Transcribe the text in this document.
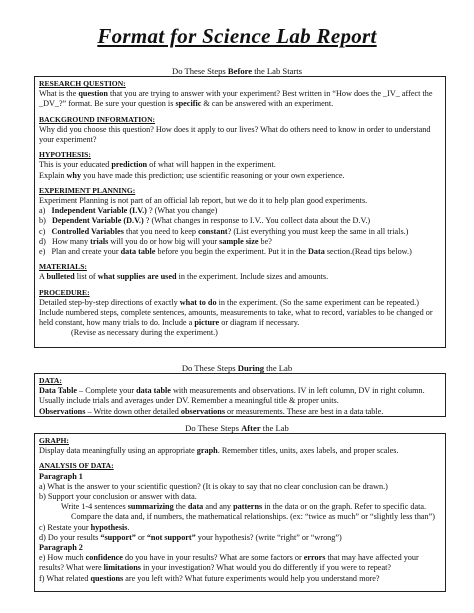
Format for Science Lab Report
Do These Steps Before the Lab Starts

RESEARCH QUESTION:

What is the question that you are trying to answer with your experiment? Best written in “How does the _IV_ affect the _DV_?” format. Be sure your question is specific & can be answered with an experiment.

BACKGROUND INFORMATION:

Why did you choose this question? How does it apply to our lives? What do others need to know in order to understand your experiment?

HYPOTHESIS:

This is your educated prediction of what will happen in the experiment.

Explain why you have made this prediction; use scientific reasoning or your own experience.

EXPERIMENT PLANNING:

Experiment Planning is not part of an official lab report, but we do it to help plan good experiments.

a)   Independent Variable (I.V.) ? (What you change)

b)   Dependent Variable (D.V.) ? (What changes in response to I.V.. You collect data about the D.V.)

c)   Controlled Variables that you need to keep constant? (List everything you must keep the same in all trials.)

d)   How many trials will you do or how big will your sample size be?

e)   Plan and create your data table before you begin the experiment. Put it in the Data section.(Read tips below.)

MATERIALS:

A bulleted list of what supplies are used in the experiment. Include sizes and amounts.

PROCEDURE:

Detailed step-by-step directions of exactly what to do in the experiment. (So the same experiment can be repeated.) Include numbered steps, complete sentences, amounts, measurements to take, what to record, variables to be changed or held constant, how many trials to do. Include a picture or diagram if necessary.

(Revise as necessary during the experiment.)

Do These Steps During the Lab

DATA:

Data Table – Complete your data table with measurements and observations. IV in left column, DV in right column. Usually include trials and averages under DV. Remember a meaningful title & proper units.

Observations – Write down other detailed observations or measurements. These are best in a data table.

Do These Steps After the Lab

GRAPH:

Display data meaningfully using an appropriate graph. Remember titles, units, axes labels, and proper scales.

ANALYSIS OF DATA:

Paragraph 1

a) What is the answer to your scientific question? (It is okay to say that no clear conclusion can be drawn.)

b) Support your conclusion or answer with data.

Write 1-4 sentences summarizing the data and any patterns in the data or on the graph. Refer to specific data.

Compare the data and, if numbers, the mathematical relationships. (ex: “twice as much” or “slightly less than”)

c) Restate your hypothesis.

d) Do your results “support” or “not support” your hypothesis? (write “right” or “wrong”)

Paragraph 2

e) How much confidence do you have in your results? What are some factors or errors that may have affected your results? What were limitations in your investigation? What would you do differently if you were to repeat?

f) What related questions are you left with? What future experiments would help you understand more?
